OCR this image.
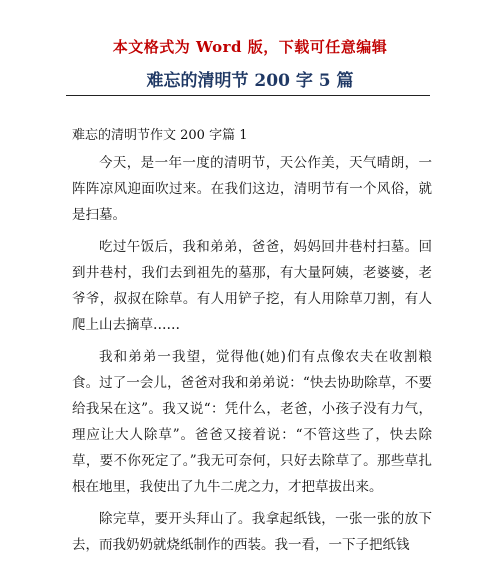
本文格式为 Word 版，下载可任意编辑
难忘的清明节 200 字 5 篇

难忘的清明节作文 200 字篇 1

今天，是一年一度的清明节，天公作美，天气晴朗，一阵阵凉风迎面吹过来。在我们这边，清明节有一个风俗，就是扫墓。

吃过午饭后，我和弟弟，爸爸，妈妈回井巷村扫墓。回到井巷村，我们去到祖先的墓那，有大量阿姨，老婆婆，老爷爷，叔叔在除草。有人用铲子挖，有人用除草刀割，有人爬上山去摘草……

我和弟弟一我望，觉得他(她)们有点像农夫在收割粮食。过了一会儿，爸爸对我和弟弟说：“快去协助除草，不要给我呆在这”。我又说“：凭什么，老爸，小孩子没有力气，理应让大人除草”。爸爸又接着说：“不管这些了，快去除草，要不你死定了。”我无可奈何，只好去除草了。那些草扎根在地里，我使出了九牛二虎之力，才把草拔出来。

除完草，要开头拜山了。我拿起纸钱，一张一张的放下去，而我奶奶就烧纸制作的西装。我一看，一下子把纸钱
